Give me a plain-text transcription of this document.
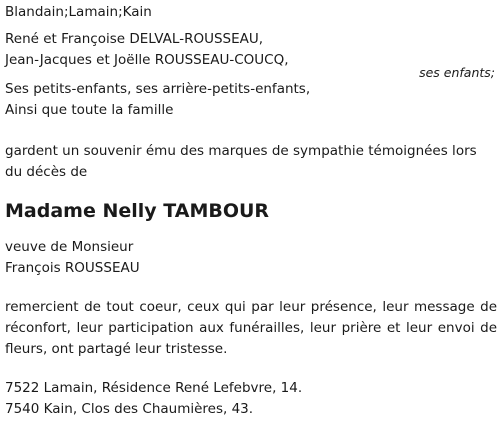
Blandain;Lamain;Kain
René et Françoise DELVAL-ROUSSEAU,
Jean-Jacques et Joëlle ROUSSEAU-COUCQ,
ses enfants;
Ses petits-enfants, ses arrière-petits-enfants,
Ainsi que toute la famille
gardent un souvenir ému des marques de sympathie témoignées lors du décès de
Madame Nelly TAMBOUR
veuve de Monsieur
François ROUSSEAU
remercient de tout coeur, ceux qui par leur présence, leur message de réconfort, leur participation aux funérailles, leur prière et leur envoi de fleurs, ont partagé leur tristesse.
7522 Lamain, Résidence René Lefebvre, 14.
7540 Kain, Clos des Chaumières, 43.
